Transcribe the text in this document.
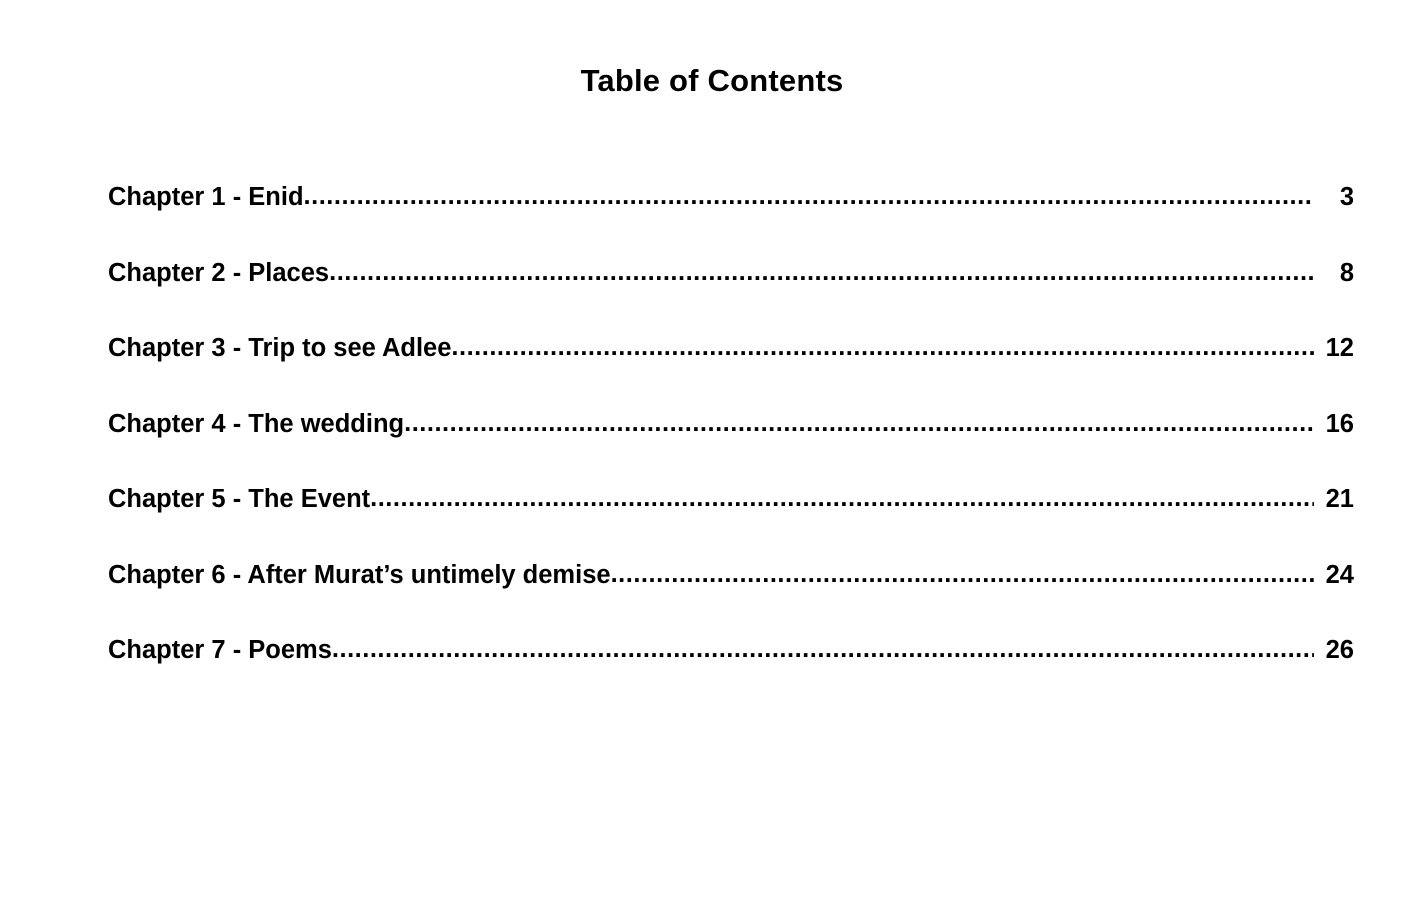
Table of Contents
Chapter 1 - Enid .....	3
Chapter 2 - Places .....	8
Chapter 3 - Trip to see Adlee .....	12
Chapter 4 - The wedding .....	16
Chapter 5 - The Event .....	21
Chapter 6 - After Murat’s untimely demise .....	24
Chapter 7 - Poems .....	26
